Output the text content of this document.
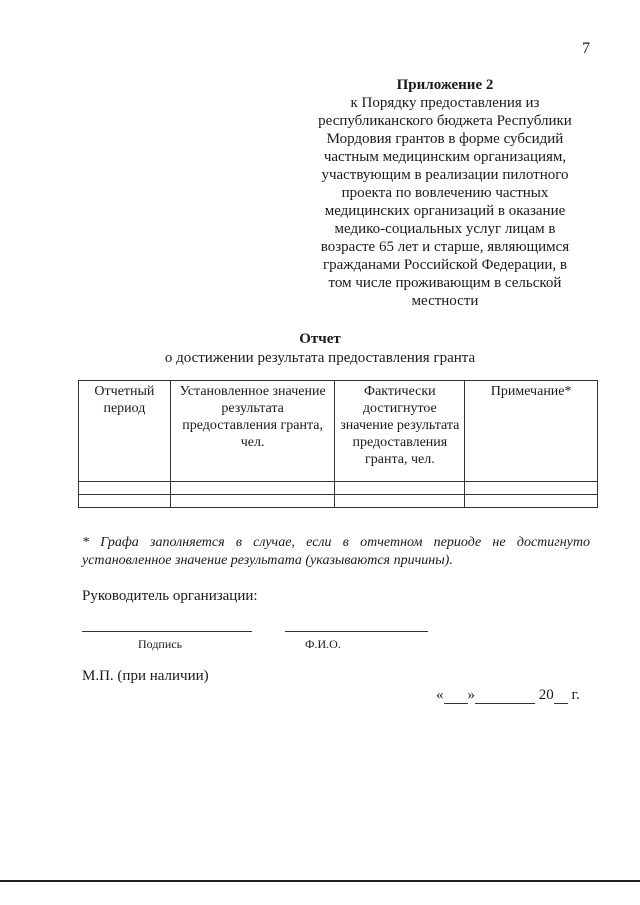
7
Приложение 2
к Порядку предоставления из
республиканского бюджета Республики
Мордовия грантов в форме субсидий
частным медицинским организациям,
участвующим в реализации пилотного
проекта по вовлечению частных
медицинских организаций в оказание
медико-социальных услуг лицам в
возрасте 65 лет и старше, являющимся
гражданами Российской Федерации, в
том числе проживающим в сельской
местности
Отчет
о достижении результата предоставления гранта
Отчетный период	Установленное значение результата предоставления гранта, чел.	Фактически достигнутое значение результата предоставления гранта, чел.	Примечание*

* Графа заполняется в случае, если в отчетном периоде не достигнуто установленное значение результата (указываются причины).
Руководитель организации:
Подпись	Ф.И.О.
М.П. (при наличии)
« »	20 г.
